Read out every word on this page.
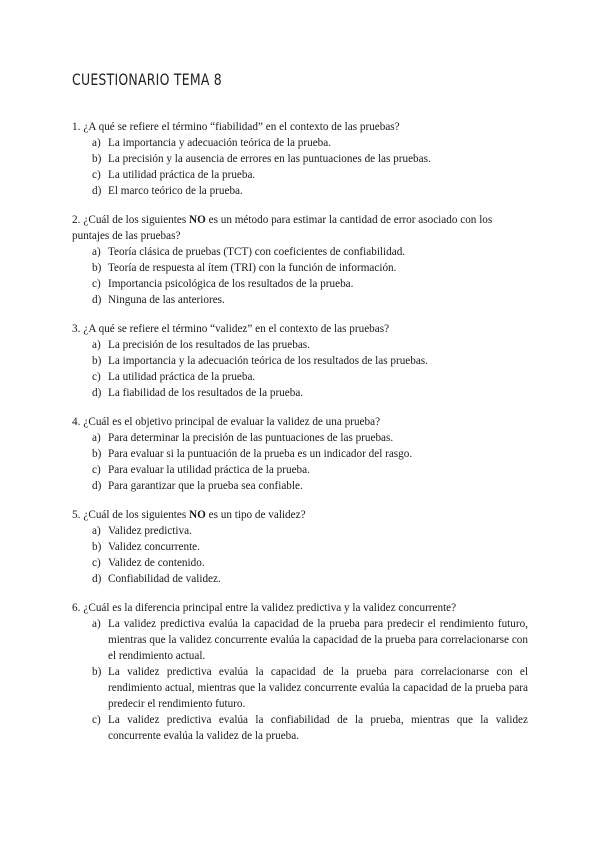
CUESTIONARIO TEMA 8

1. ¿A qué se refiere el término “fiabilidad” en el contexto de las pruebas?

a) La importancia y adecuación teórica de la prueba.
b) La precisión y la ausencia de errores en las puntuaciones de las pruebas.
c) La utilidad práctica de la prueba.
d) El marco teórico de la prueba.

2. ¿Cuál de los siguientes NO es un método para estimar la cantidad de error asociado con los puntajes de las pruebas?

a) Teoría clásica de pruebas (TCT) con coeficientes de confiabilidad.
b) Teoría de respuesta al ítem (TRI) con la función de información.
c) Importancia psicológica de los resultados de la prueba.
d) Ninguna de las anteriores.

3. ¿A qué se refiere el término “validez” en el contexto de las pruebas?

a) La precisión de los resultados de las pruebas.
b) La importancia y la adecuación teórica de los resultados de las pruebas.
c) La utilidad práctica de la prueba.
d) La fiabilidad de los resultados de la prueba.

4. ¿Cuál es el objetivo principal de evaluar la validez de una prueba?

a) Para determinar la precisión de las puntuaciones de las pruebas.
b) Para evaluar si la puntuación de la prueba es un indicador del rasgo.
c) Para evaluar la utilidad práctica de la prueba.
d) Para garantizar que la prueba sea confiable.

5. ¿Cuál de los siguientes NO es un tipo de validez?

a) Validez predictiva.
b) Validez concurrente.
c) Validez de contenido.
d) Confiabilidad de validez.

6. ¿Cuál es la diferencia principal entre la validez predictiva y la validez concurrente?

a) La validez predictiva evalúa la capacidad de la prueba para predecir el rendimiento futuro, mientras que la validez concurrente evalúa la capacidad de la prueba para correlacionarse con el rendimiento actual.
b) La validez predictiva evalúa la capacidad de la prueba para correlacionarse con el rendimiento actual, mientras que la validez concurrente evalúa la capacidad de la prueba para predecir el rendimiento futuro.
c) La validez predictiva evalúa la confiabilidad de la prueba, mientras que la validez concurrente evalúa la validez de la prueba.
